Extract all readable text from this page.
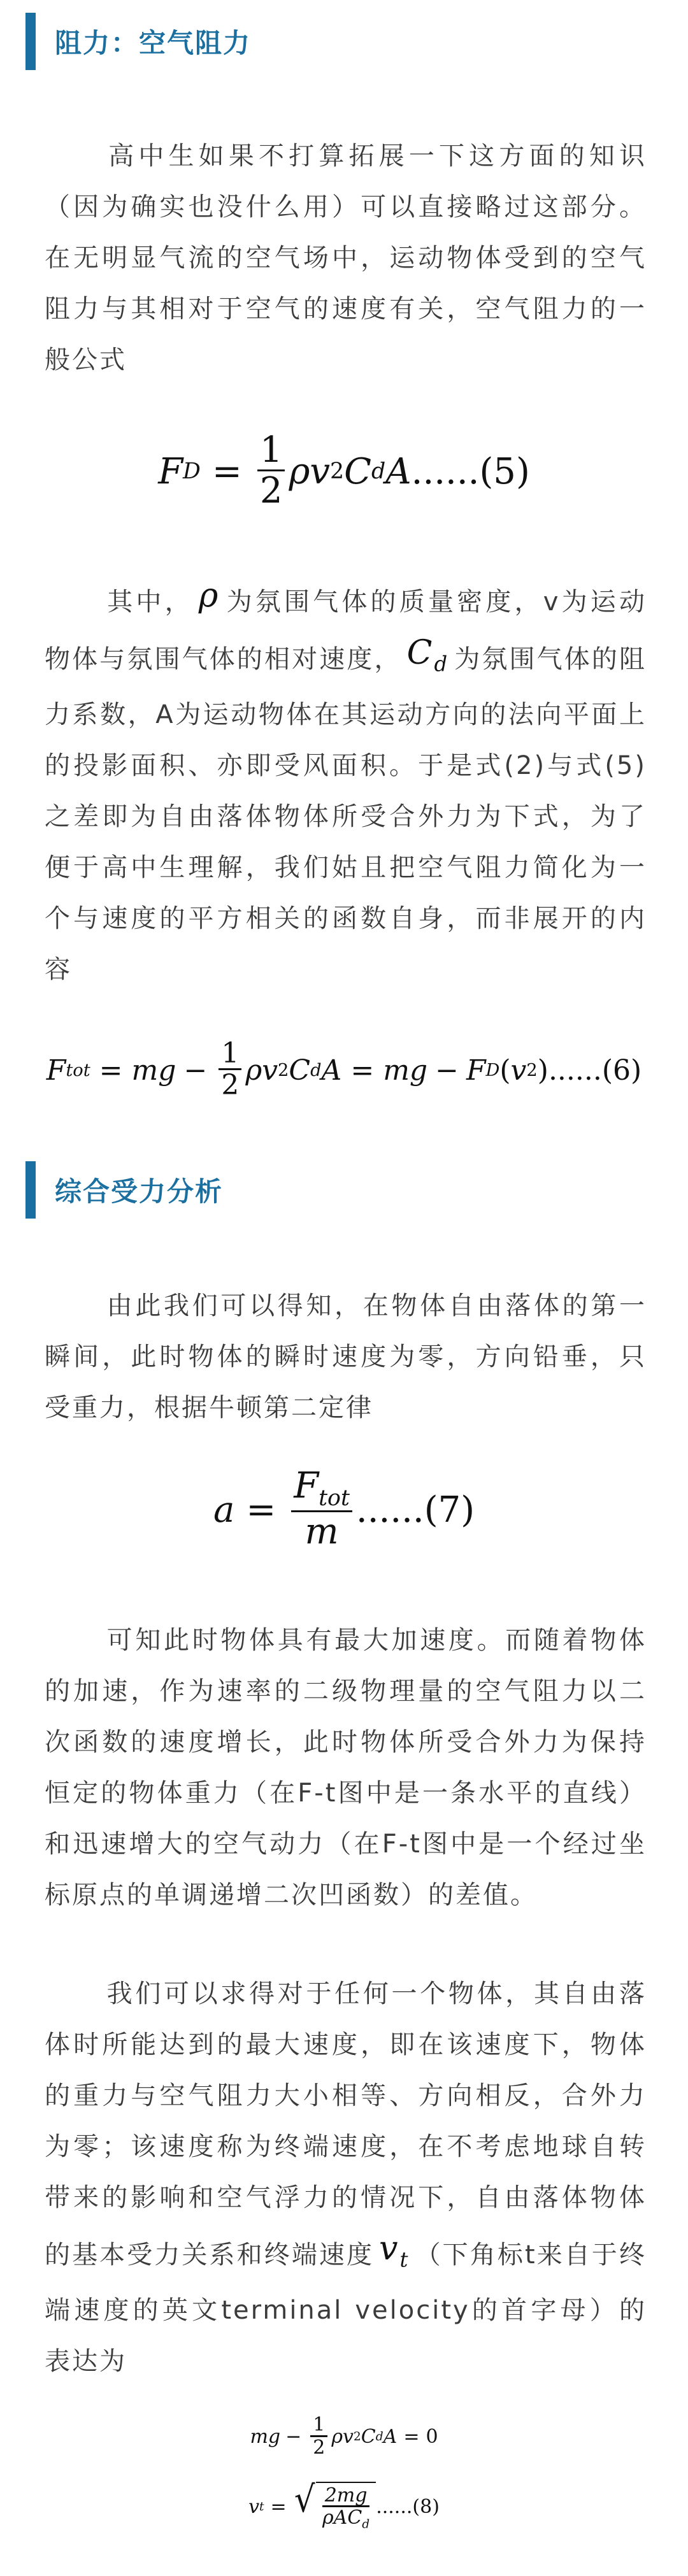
阻力：空气阻力
高中生如果不打算拓展一下这方面的知识（因为确实也没什么用）可以直接略过这部分。在无明显气流的空气场中，运动物体受到的空气阻力与其相对于空气的速度有关，空气阻力的一般公式
F $D = \frac{1}{2}$ ρ v 2 C d A ......(5)
其中， ρ 为氛围气体的质量密度，v为运动物体与氛围气体的相对速度， $C_d$ 为氛围气体的阻力系数，A为运动物体在其运动方向的法向平面上的投影面积、亦即受风面积。于是式(2)与式(5)之差即为自由落体物体所受合外力为下式，为了便于高中生理解，我们姑且把空气阻力简化为一个与速度的平方相关的函数自身，而非展开的内容
F tot = mg − $\frac{1}{2}$ ρ v 2 C d A = mg − F D ( v 2 ) ......(6)
综合受力分析
由此我们可以得知，在物体自由落体的第一瞬间，此时物体的瞬时速度为零，方向铅垂，只受重力，根据牛顿第二定律
$a = \frac{F_{tot}}{m} ......(7)$
可知此时物体具有最大加速度。而随着物体的加速，作为速率的二级物理量的空气阻力以二次函数的速度增长，此时物体所受合外力为保持恒定的物体重力（在F-t图中是一条水平的直线）和迅速增大的空气动力（在F-t图中是一个经过坐标原点的单调递增二次凹函数）的差值。
我们可以求得对于任何一个物体，其自由落体时所能达到的最大速度，即在该速度下，物体的重力与空气阻力大小相等、方向相反，合外力为零；该速度称为终端速度，在不考虑地球自转带来的影响和空气浮力的情况下，自由落体物体的基本受力关系和终端速度 $v_t$ （下角标t来自于终端速度的英文terminal velocity的首字母）的表达为
mg − $\frac{1}{2}$ ρ v 2 C d A = 0
v t = √ $\frac{2mg}{\rho AC_d} ......(8)$
